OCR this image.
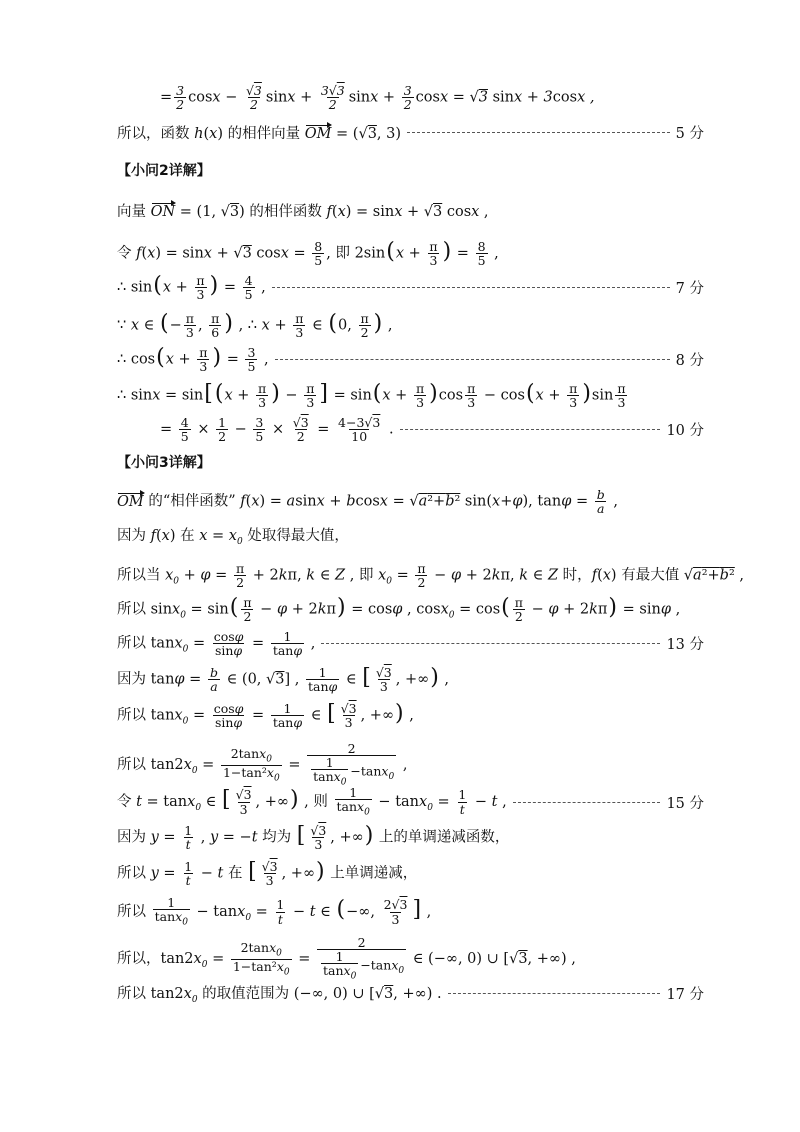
= $\frac{3}{2}$ $\cos x - \frac{√3}{2}$ $\sin x + \frac{3√3}{2}$ $\sin x + \frac{3}{2}$ cosx = √3 sinx + 3cosx ,
所以，函数 h(x) 的相伴向量 OM = (√3, 3)	5 分
【小问2详解】
向量 ON = (1, √3) 的相伴函数 f(x) = sinx + √3 cosx ,
令 f(x) = sinx + √3 $\cos x = \frac{8}{5}$ , 即 $2\sin(x + \frac{\pi}{3}$ ) = $\frac{8}{5}$ ,
∴ $\sin(x + \frac{\pi}{3}$ ) = $\frac{4}{5}$ ,	7 分
∵ x ∈ (− $\frac{\pi}{3}$ , $\frac{\pi}{6}$ ) , ∴ $x + \frac{\pi}{3}$ ∈ (0, $\frac{\pi}{2}$ ) ,
∴ $\cos(x + \frac{\pi}{3}$ ) = $\frac{3}{5}$ ,	8 分
∴ $\sin x = \sin[(x + \frac{\pi}{3}$ ) − $\frac{\pi}{3}$ ] = $\sin(x + \frac{\pi}{3} )\cos \frac{\pi}{3} - \cos(x + \frac{\pi}{3} )\sin \frac{\pi}{3}$
= $\frac{4}{5} \times \frac{1}{2} - \frac{3}{5} \times \frac{√3}{2} = \frac{4-3√3}{10}$ .	10 分
【小问3详解】
OM 的“相伴函数” f(x) = asinx + bcosx = √a²+b² sin(x+φ), $\tan\varphi = \frac{b}{a}$ ,
因为 f(x) 在 $x = x_0$ 处取得最大值，
所以当 $x_0 + \varphi = \frac{\pi}{2} + 2k\pi$, k ∈ Z , 即 $x_0 = \frac{\pi}{2} - \varphi + 2k\pi$, k ∈ Z 时，f(x) 有最大值 √a²+b² ,
所以 $\sin x_0 = \sin( \frac{\pi}{2} - \varphi + 2k\pi) = \cos\varphi$ , $\cos x_0 = \cos( \frac{\pi}{2} - \varphi + 2k\pi) = \sin\varphi$ ,
所以 $\tan x_0 = \frac{\cos\varphi}{\sin\varphi} = \frac{1}{\tan\varphi}$ ,	13 分
因为 $\tan\varphi = \frac{b}{a}$ ∈ (0, √3] , $\frac{1}{\tan\varphi}$ ∈ [ $\frac{√3}{3}$ , +∞) ,
所以 $\tan x_0 = \frac{\cos\varphi}{\sin\varphi} = \frac{1}{\tan\varphi}$ ∈ [ $\frac{√3}{3}$ , +∞) ,
所以 $\tan 2x_0 = \frac{2\tan x_0}{1-\tan^2x_0} = \frac{2}{\frac{1}{\tan x_0} -\tan x_0}$ ,
令 t = tanx$_0$ ∈ [ $\frac{√3}{3}$ , +∞) , 则 $\frac{1}{\tan x_0} - \tan x_0 = \frac{1}{t} - t$ ,	15 分
因为 $y = \frac{1}{t}$ , y = −t 均为 [ $\frac{√3}{3}$ , +∞) 上的单调递减函数，
所以 $y = \frac{1}{t} - t$ 在 [ $\frac{√3}{3}$ , +∞) 上单调递减，
所以 $\frac{1}{\tan x_0} - \tan x_0 = \frac{1}{t} - t$ ∈ (−∞, $\frac{2√3}{3}$ ] ,
所以，$\tan 2x_0 = \frac{2\tan x_0}{1-\tan^2x_0} = \frac{2}{\frac{1}{\tan x_0} -\tan x_0}$ ∈ (−∞, 0) ∪ [√3, +∞) ,
所以 $\tan 2x_0$ 的取值范围为 (−∞, 0) ∪ [√3, +∞) .	17 分
